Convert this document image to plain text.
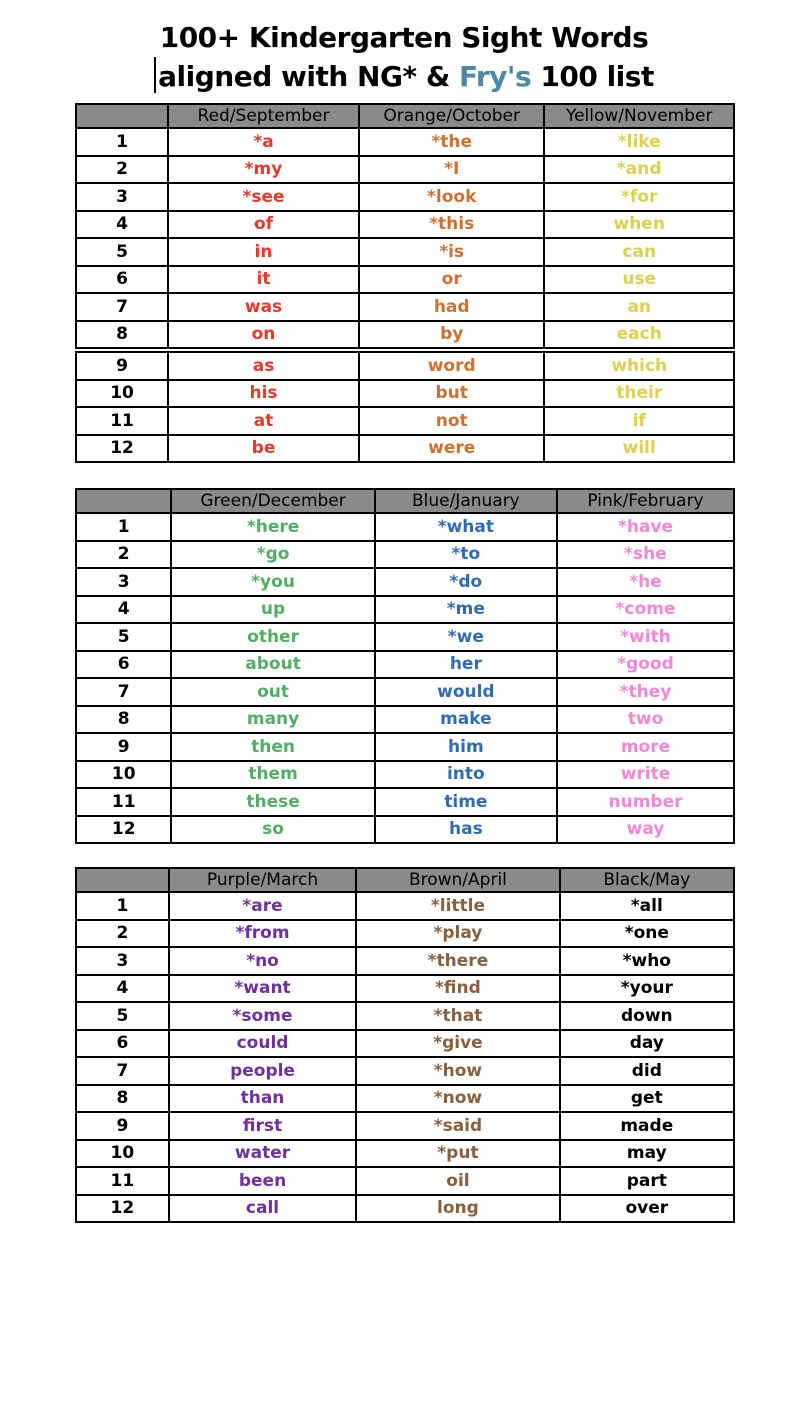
100+ Kindergarten Sight Words
aligned with NG* & Fry's 100 list
	Red/September	Orange/October	Yellow/November
1	*a	*the	*like
2	*my	*I	*and
3	*see	*look	*for
4	of	*this	when
5	in	*is	can
6	it	or	use
7	was	had	an
8	on	by	each

9	as	word	which
10	his	but	their
11	at	not	if
12	be	were	will
	Green/December	Blue/January	Pink/February
1	*here	*what	*have
2	*go	*to	*she
3	*you	*do	*he
4	up	*me	*come
5	other	*we	*with
6	about	her	*good
7	out	would	*they
8	many	make	two
9	then	him	more
10	them	into	write
11	these	time	number
12	so	has	way
	Purple/March	Brown/April	Black/May
1	*are	*little	*all
2	*from	*play	*one
3	*no	*there	*who
4	*want	*find	*your
5	*some	*that	down
6	could	*give	day
7	people	*how	did
8	than	*now	get
9	first	*said	made
10	water	*put	may
11	been	oil	part
12	call	long	over
